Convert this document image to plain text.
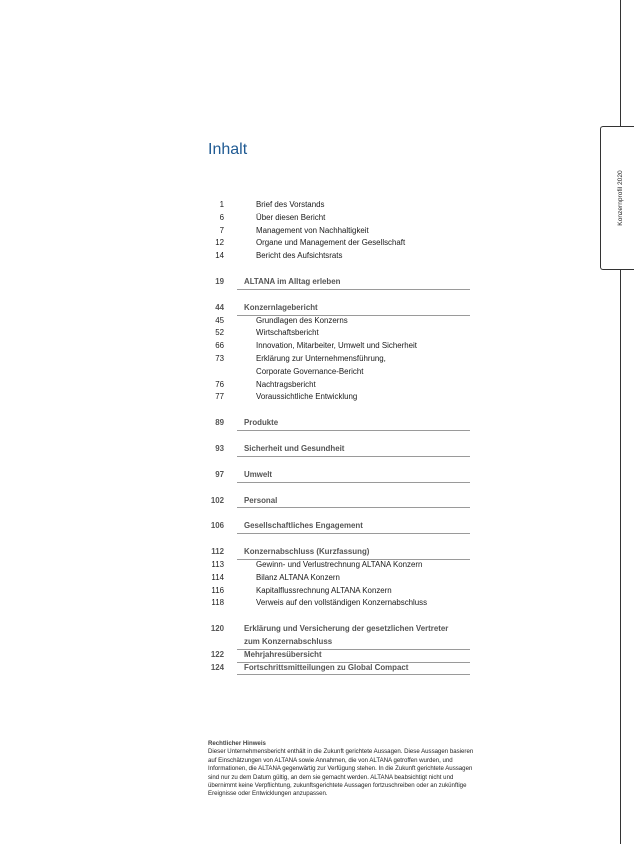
Konzernprofil 2020
Inhalt
1	Brief des Vorstands
6	Über diesen Bericht
7	Management von Nachhaltigkeit
12	Organe und Management der Gesellschaft
14	Bericht des Aufsichtsrats
19	ALTANA im Alltag erleben
44	Konzernlagebericht
45	Grundlagen des Konzerns
52	Wirtschaftsbericht
66	Innovation, Mitarbeiter, Umwelt und Sicherheit
73	Erklärung zur Unternehmensführung,
Corporate Governance-Bericht
76	Nachtragsbericht
77	Voraussichtliche Entwicklung
89	Produkte
93	Sicherheit und Gesundheit
97	Umwelt
102	Personal
106	Gesellschaftliches Engagement
112	Konzernabschluss (Kurzfassung)
113	Gewinn- und Verlustrechnung ALTANA Konzern
114	Bilanz ALTANA Konzern
116	Kapitalflussrechnung ALTANA Konzern
118	Verweis auf den vollständigen Konzernabschluss
120	Erklärung und Versicherung der gesetzlichen Vertreter
zum Konzernabschluss
122	Mehrjahresübersicht
124	Fortschrittsmitteilungen zu Global Compact
Rechtlicher Hinweis
Dieser Unternehmensbericht enthält in die Zukunft gerichtete Aussagen. Diese Aussagen basieren
auf Einschätzungen von ALTANA sowie Annahmen, die von ALTANA getroffen wurden, und
Informationen, die ALTANA gegenwärtig zur Verfügung stehen. In die Zukunft gerichtete Aussagen
sind nur zu dem Datum gültig, an dem sie gemacht werden. ALTANA beabsichtigt nicht und
übernimmt keine Verpflichtung, zukunftsgerichtete Aussagen fortzuschreiben oder an zukünftige
Ereignisse oder Entwicklungen anzupassen.
